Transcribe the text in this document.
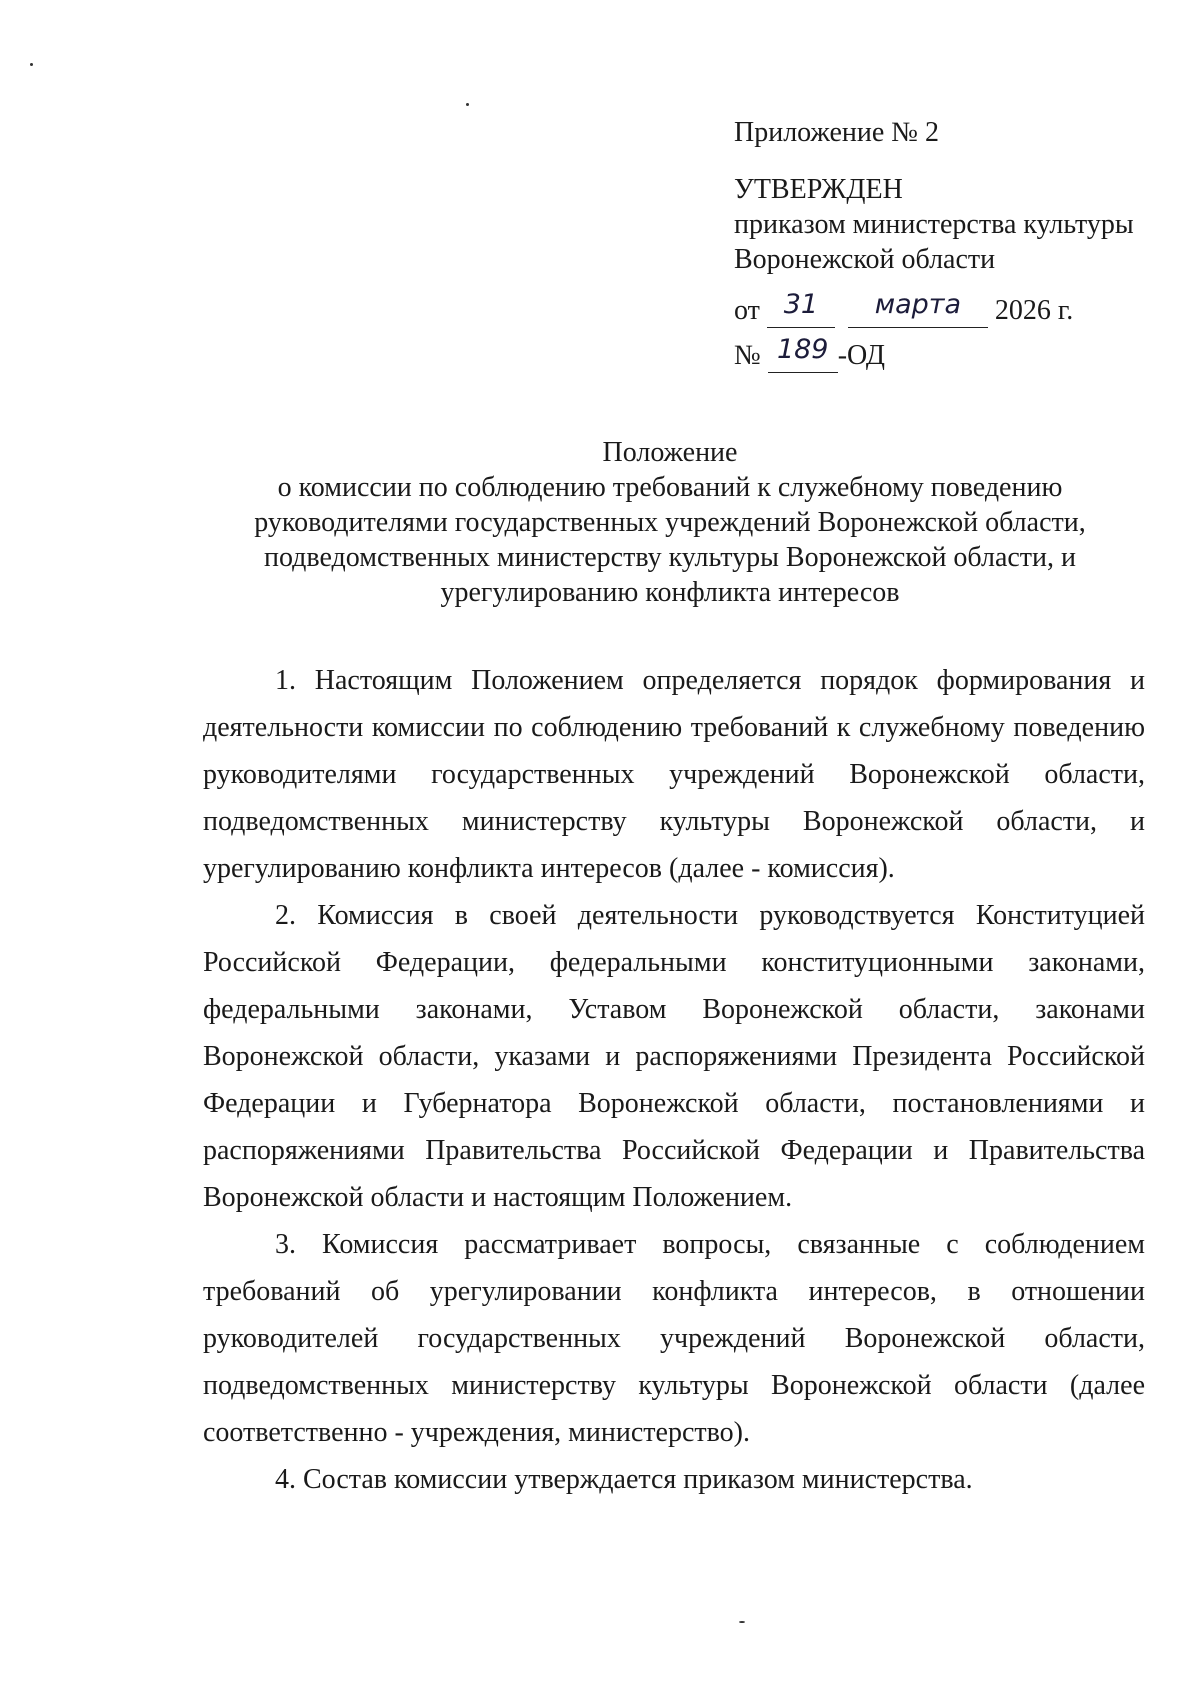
Приложение № 2
УТВЕРЖДЕН
приказом министерства культуры
Воронежской области
от 31 марта 2026 г.
№ 189 -ОД
Положение
о комиссии по соблюдению требований к служебному поведению
руководителями государственных учреждений Воронежской области,
подведомственных министерству культуры Воронежской области, и
урегулированию конфликта интересов

1. Настоящим Положением определяется порядок формирования и деятельности комиссии по соблюдению требований к служебному поведению руководителями государственных учреждений Воронежской области, подведомственных министерству культуры Воронежской области, и урегулированию конфликта интересов (далее - комиссия).

2. Комиссия в своей деятельности руководствуется Конституцией Российской Федерации, федеральными конституционными законами, федеральными законами, Уставом Воронежской области, законами Воронежской области, указами и распоряжениями Президента Российской Федерации и Губернатора Воронежской области, постановлениями и распоряжениями Правительства Российской Федерации и Правительства Воронежской области и настоящим Положением.

3. Комиссия рассматривает вопросы, связанные с соблюдением требований об урегулировании конфликта интересов, в отношении руководителей государственных учреждений Воронежской области, подведомственных министерству культуры Воронежской области (далее соответственно - учреждения, министерство).

4. Состав комиссии утверждается приказом министерства.
